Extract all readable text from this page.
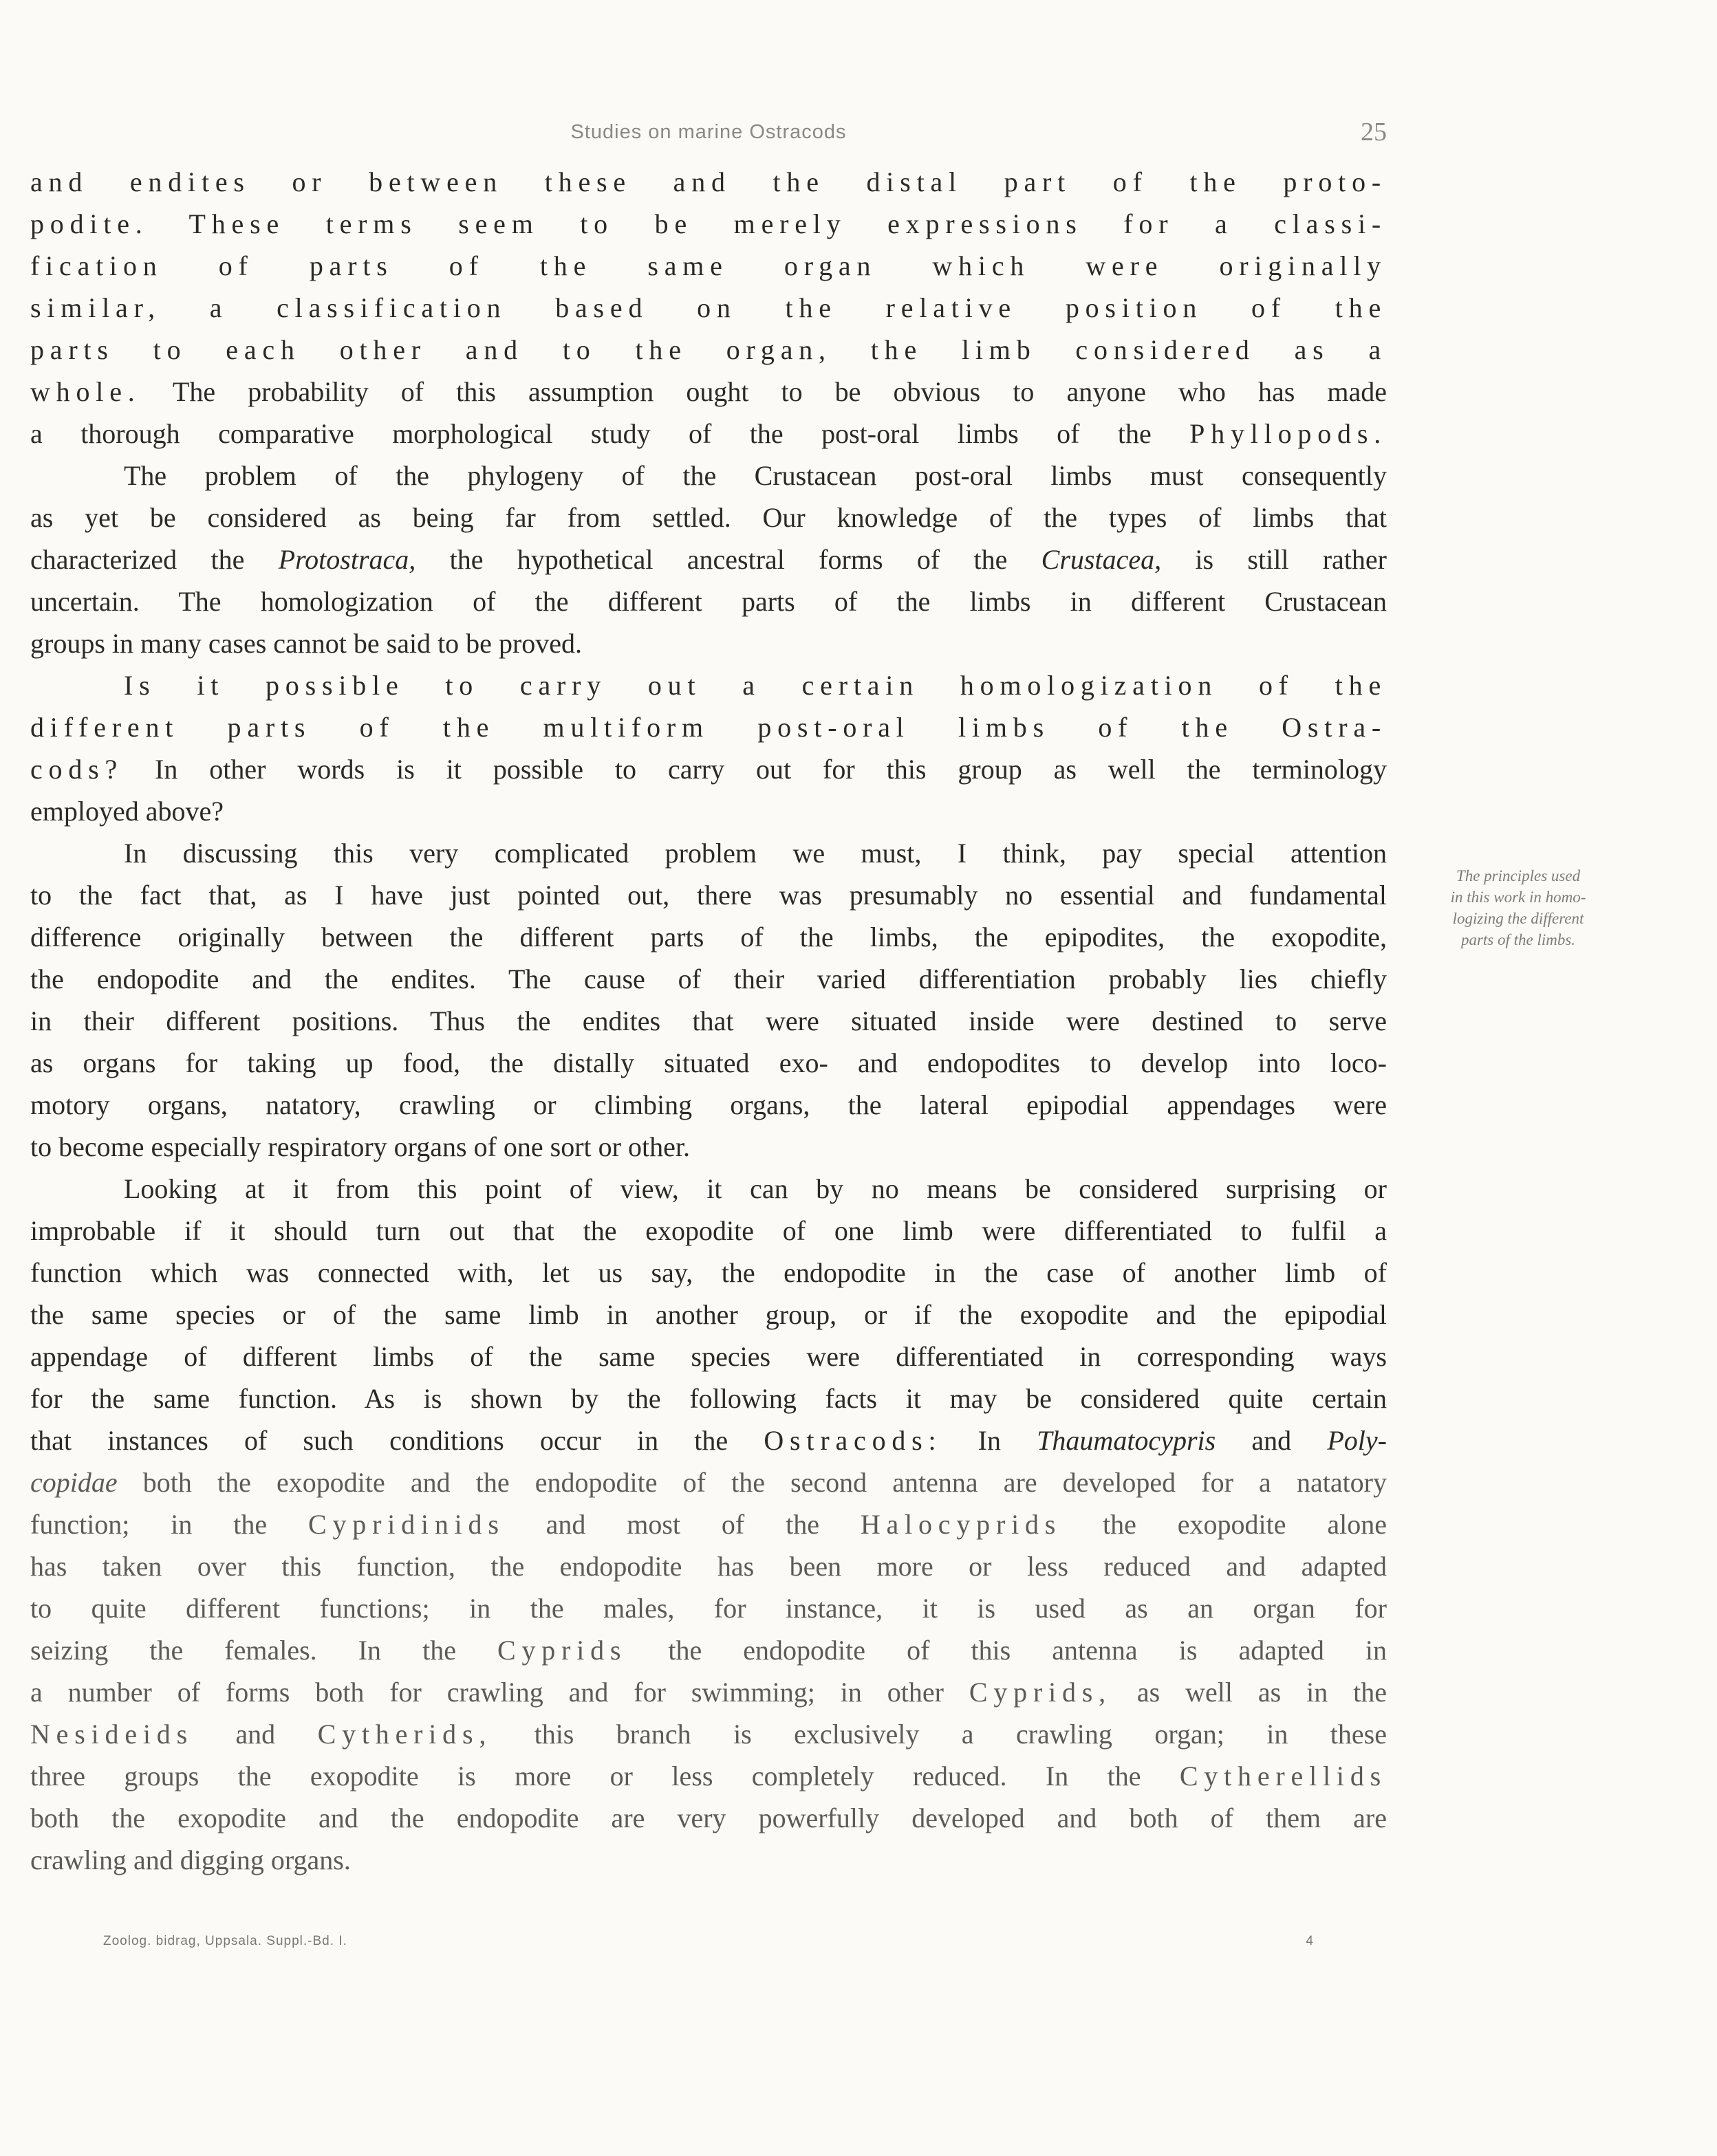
Studies on marine Ostracods	25
and endites or between these and the distal part of the proto-
podite. These terms seem to be merely expressions for a classi-
fication of parts of the same organ which were originally
similar, a classification based on the relative position of the
parts to each other and to the organ, the limb considered as a
whole. The probability of this assumption ought to be obvious to anyone who has made
a thorough comparative morphological study of the post-oral limbs of the Phyllopods.
The problem of the phylogeny of the Crustacean post-oral limbs must consequently
as yet be considered as being far from settled. Our knowledge of the types of limbs that
characterized the Protostraca, the hypothetical ancestral forms of the Crustacea, is still rather
uncertain. The homologization of the different parts of the limbs in different Crustacean
groups in many cases cannot be said to be proved.
Is it possible to carry out a certain homologization of the
different parts of the multiform post-oral limbs of the Ostra-
cods? In other words is it possible to carry out for this group as well the terminology
employed above?
In discussing this very complicated problem we must, I think, pay special attention
to the fact that, as I have just pointed out, there was presumably no essential and fundamental
difference originally between the different parts of the limbs, the epipodites, the exopodite,
the endopodite and the endites. The cause of their varied differentiation probably lies chiefly
in their different positions. Thus the endites that were situated inside were destined to serve
as organs for taking up food, the distally situated exo- and endopodites to develop into loco-
motory organs, natatory, crawling or climbing organs, the lateral epipodial appendages were
to become especially respiratory organs of one sort or other.
Looking at it from this point of view, it can by no means be considered surprising or
improbable if it should turn out that the exopodite of one limb were differentiated to fulfil a
function which was connected with, let us say, the endopodite in the case of another limb of
the same species or of the same limb in another group, or if the exopodite and the epipodial
appendage of different limbs of the same species were differentiated in corresponding ways
for the same function. As is shown by the following facts it may be considered quite certain
that instances of such conditions occur in the Ostracods: In Thaumatocypris and Poly-
copidae both the exopodite and the endopodite of the second antenna are developed for a natatory
function; in the Cypridinids and most of the Halocyprids the exopodite alone
has taken over this function, the endopodite has been more or less reduced and adapted
to quite different functions; in the males, for instance, it is used as an organ for
seizing the females. In the Cyprids the endopodite of this antenna is adapted in
a number of forms both for crawling and for swimming; in other Cyprids, as well as in the
Nesideids and Cytherids, this branch is exclusively a crawling organ; in these
three groups the exopodite is more or less completely reduced. In the Cytherellids
both the exopodite and the endopodite are very powerfully developed and both of them are
crawling and digging organs.
The principles used
in this work in homo-
logizing the different
parts of the limbs.
Zoolog. bidrag, Uppsala. Suppl.-Bd. I.	4
